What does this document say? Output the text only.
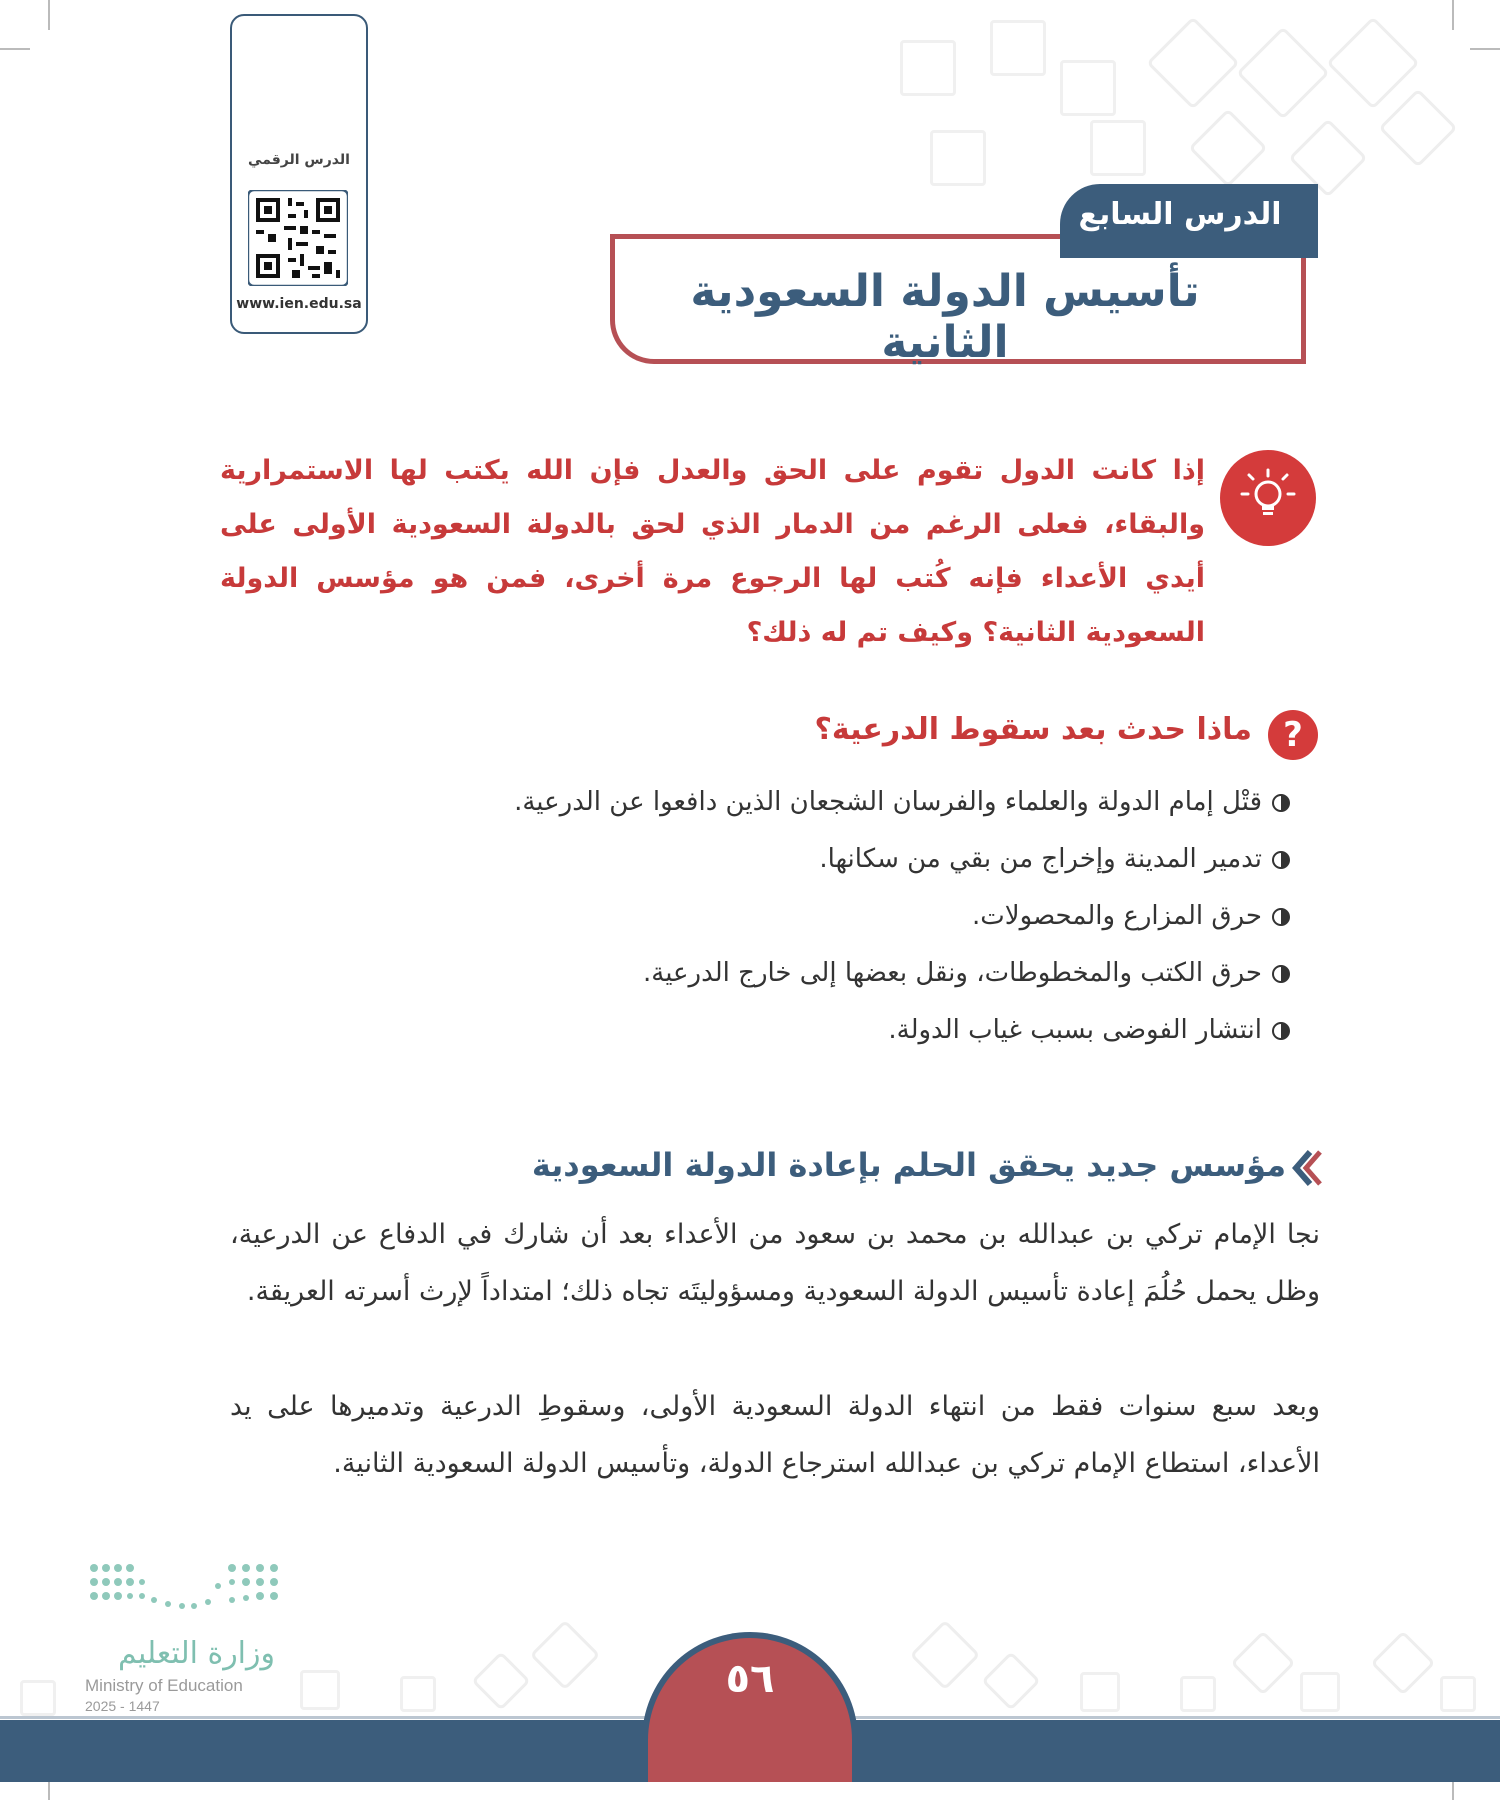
الدرس الرقمي
www.ien.edu.sa
الدرس السابع
تأسيس الدولة السعودية الثانية
إذا كانت الدول تقوم على الحق والعدل فإن الله يكتب لها الاستمرارية والبقاء، فعلى الرغم من الدمار الذي لحق بالدولة السعودية الأولى على أيدي الأعداء فإنه كُتب لها الرجوع مرة أخرى، فمن هو مؤسس الدولة السعودية الثانية؟ وكيف تم له ذلك؟
?
ماذا حدث بعد سقوط الدرعية؟
قتْل إمام الدولة والعلماء والفرسان الشجعان الذين دافعوا عن الدرعية.
تدمير المدينة وإخراج من بقي من سكانها.
حرق المزارع والمحصولات.
حرق الكتب والمخطوطات، ونقل بعضها إلى خارج الدرعية.
انتشار الفوضى بسبب غياب الدولة.
مؤسس جديد يحقق الحلم بإعادة الدولة السعودية
نجا الإمام تركي بن عبدالله بن محمد بن سعود من الأعداء بعد أن شارك في الدفاع عن الدرعية، وظل يحمل حُلُمَ إعادة تأسيس الدولة السعودية ومسؤوليتَه تجاه ذلك؛ امتداداً لإرث أسرته العريقة.
وبعد سبع سنوات فقط من انتهاء الدولة السعودية الأولى، وسقوطِ الدرعية وتدميرها على يد الأعداء، استطاع الإمام تركي بن عبدالله استرجاع الدولة، وتأسيس الدولة السعودية الثانية.
وزارة التعليم
Ministry of Education
2025 - 1447
٥٦
